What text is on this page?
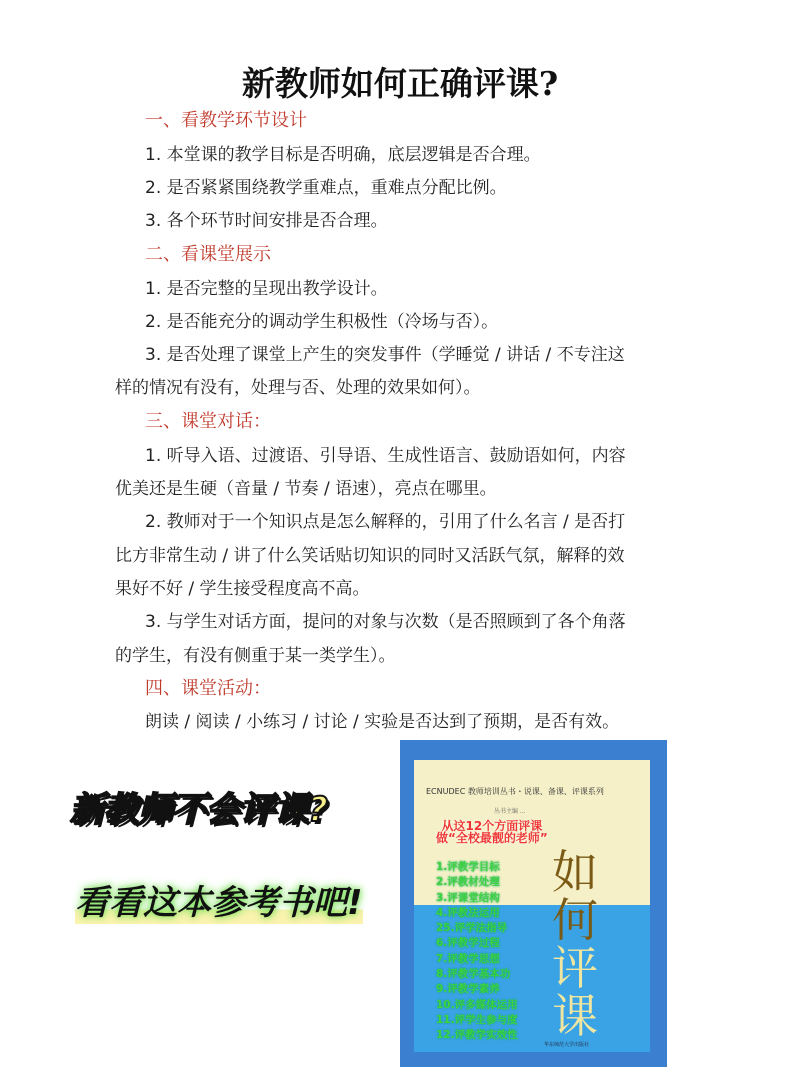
新教师如何正确评课?
一、看教学环节设计
1. 本堂课的教学目标是否明确，底层逻辑是否合理。
2. 是否紧紧围绕教学重难点，重难点分配比例。
3. 各个环节时间安排是否合理。
二、看课堂展示
1. 是否完整的呈现出教学设计。
2. 是否能充分的调动学生积极性（冷场与否）。
3. 是否处理了课堂上产生的突发事件（学睡觉 / 讲话 / 不专注这
样的情况有没有，处理与否、处理的效果如何）。
三、课堂对话：
1. 听导入语、过渡语、引导语、生成性语言、鼓励语如何，内容
优美还是生硬（音量 / 节奏 / 语速），亮点在哪里。
2. 教师对于一个知识点是怎么解释的，引用了什么名言 / 是否打
比方非常生动 / 讲了什么笑话贴切知识的同时又活跃气氛，解释的效
果好不好 / 学生接受程度高不高。
3. 与学生对话方面，提问的对象与次数（是否照顾到了各个角落
的学生，有没有侧重于某一类学生）。
四、课堂活动：
朗读 / 阅读 / 小练习 / 讨论 / 实验是否达到了预期，是否有效。
新教师不会评课?
看看这本参考书吧!
ECNUDEC 教师培训丛书・说课、备课、评课系列
丛书主编 ...
从这12个方面评课
做“全校最靓的老师”
如
何
评
课
1.评教学目标
2.评教材处理
3.评课堂结构
4.评教法运用
25.评学法指导
6.评教学过程
7.评教学思想
8.评教学基本功
9.评教学素养
10.评多媒体运用
11.评学生参与度
12.评教学实效性
华东师范大学出版社
